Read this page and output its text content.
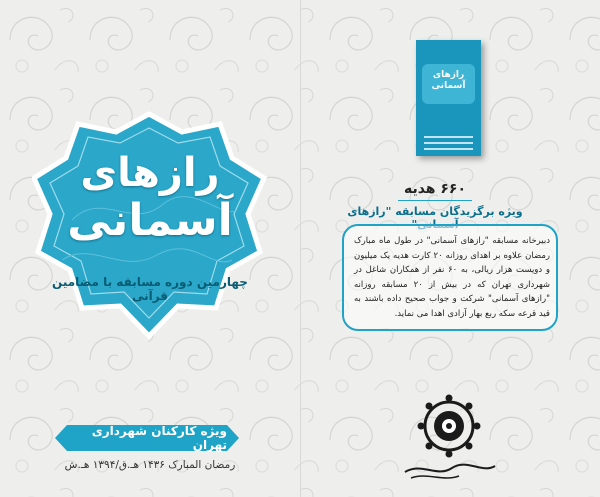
رازهای
آسمانی
چهارمین دوره مسابقه با مضامین قرآنی
ویژه کارکنان شهرداری تهران
رمضان المبارک ۱۴۳۶ هـ.ق/۱۳۹۴ هـ.ش
رازهای
آسمانی
۶۶۰ هدیه
ویژه برگزیدگان مسابقه "رازهای
دبیرخانه مسابقه "رازهای آسمانی" در طول ماه مبارک رمضان علاوه بر اهدای روزانه ۲۰ کارت هدیه یک میلیون و دویست هزار ریالی، به ۶۰ نفر از همکاران شاغل در شهرداری تهران که در بیش از ۲۰ مسابقه روزانه "رازهای آسمانی" شرکت و جواب صحیح داده باشند به قید قرعه سکه ربع بهار آزادی اهدا می نماید.
